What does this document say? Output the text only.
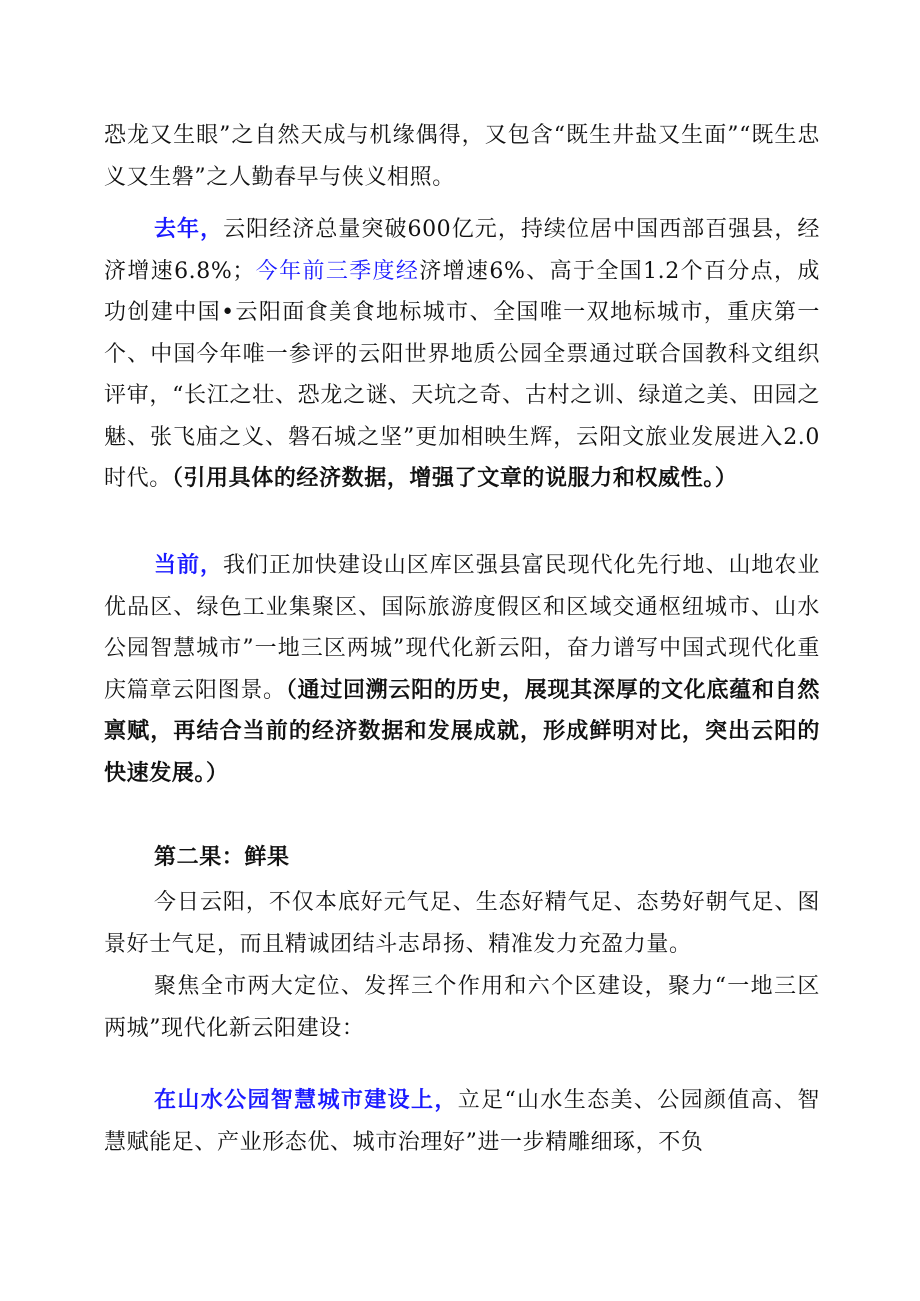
恐龙又生眼”之自然天成与机缘偶得，又包含“既生井盐又生面”“既生忠义又生磐”之人勤春早与侠义相照。

去年，云阳经济总量突破600亿元，持续位居中国西部百强县，经济增速6.8%；今年前三季度经济增速6%、高于全国1.2个百分点，成功创建中国•云阳面食美食地标城市、全国唯一双地标城市，重庆第一个、中国今年唯一参评的云阳世界地质公园全票通过联合国教科文组织评审，“长江之壮、恐龙之谜、天坑之奇、古村之训、绿道之美、田园之魅、张飞庙之义、磐石城之坚”更加相映生辉，云阳文旅业发展进入2.0时代。（引用具体的经济数据，增强了文章的说服力和权威性。）

当前，我们正加快建设山区库区强县富民现代化先行地、山地农业优品区、绿色工业集聚区、国际旅游度假区和区域交通枢纽城市、山水公园智慧城市”一地三区两城”现代化新云阳，奋力谱写中国式现代化重庆篇章云阳图景。（通过回溯云阳的历史，展现其深厚的文化底蕴和自然禀赋，再结合当前的经济数据和发展成就，形成鲜明对比，突出云阳的快速发展。）

第二果：鲜果

今日云阳，不仅本底好元气足、生态好精气足、态势好朝气足、图景好士气足，而且精诚团结斗志昂扬、精准发力充盈力量。

聚焦全市两大定位、发挥三个作用和六个区建设，聚力“一地三区两城”现代化新云阳建设：

在山水公园智慧城市建设上，立足“山水生态美、公园颜值高、智慧赋能足、产业形态优、城市治理好”进一步精雕细琢，不负
